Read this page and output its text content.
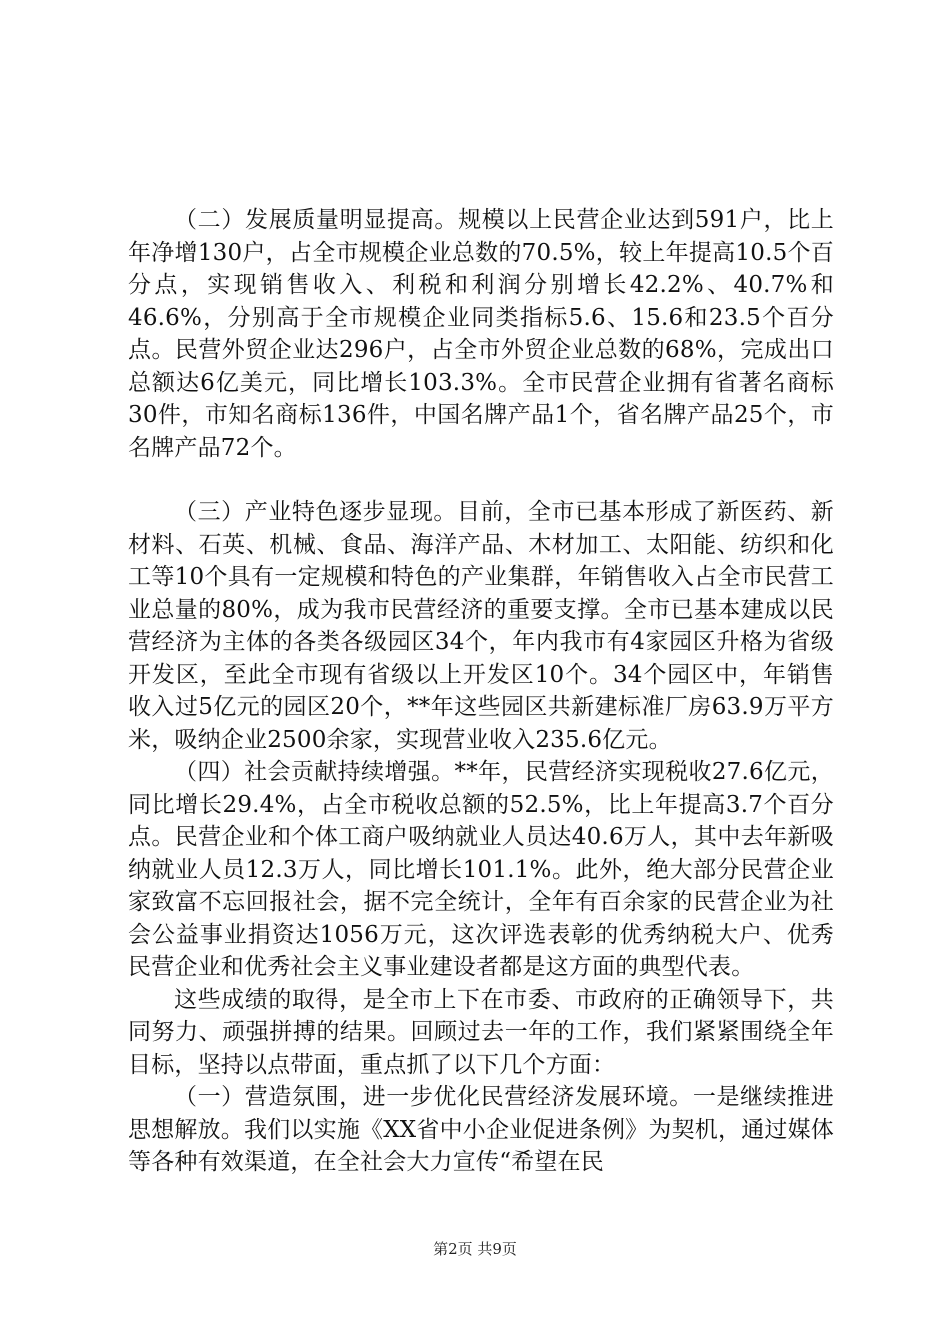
（二）发展质量明显提高。规模以上民营企业达到591户，比上年净增130户，占全市规模企业总数的70.5%，较上年提高10.5个百分点，实现销售收入、利税和利润分别增长42.2%、40.7%和46.6%，分别高于全市规模企业同类指标5.6、15.6和23.5个百分点。民营外贸企业达296户，占全市外贸企业总数的68%，完成出口总额达6亿美元，同比增长103.3%。全市民营企业拥有省著名商标30件，市知名商标136件，中国名牌产品1个，省名牌产品25个，市名牌产品72个。

（三）产业特色逐步显现。目前，全市已基本形成了新医药、新材料、石英、机械、食品、海洋产品、木材加工、太阳能、纺织和化工等10个具有一定规模和特色的产业集群，年销售收入占全市民营工业总量的80%，成为我市民营经济的重要支撑。全市已基本建成以民营经济为主体的各类各级园区34个，年内我市有4家园区升格为省级开发区，至此全市现有省级以上开发区10个。34个园区中，年销售收入过5亿元的园区20个，**年这些园区共新建标准厂房63.9万平方米，吸纳企业2500余家，实现营业收入235.6亿元。

（四）社会贡献持续增强。**年，民营经济实现税收27.6亿元，同比增长29.4%，占全市税收总额的52.5%，比上年提高3.7个百分点。民营企业和个体工商户吸纳就业人员达40.6万人，其中去年新吸纳就业人员12.3万人，同比增长101.1%。此外，绝大部分民营企业家致富不忘回报社会，据不完全统计，全年有百余家的民营企业为社会公益事业捐资达1056万元，这次评选表彰的优秀纳税大户、优秀民营企业和优秀社会主义事业建设者都是这方面的典型代表。

这些成绩的取得，是全市上下在市委、市政府的正确领导下，共同努力、顽强拼搏的结果。回顾过去一年的工作，我们紧紧围绕全年目标，坚持以点带面，重点抓了以下几个方面：

（一）营造氛围，进一步优化民营经济发展环境。一是继续推进思想解放。我们以实施《XX省中小企业促进条例》为契机，通过媒体等各种有效渠道，在全社会大力宣传“希望在民

第2页 共9页
